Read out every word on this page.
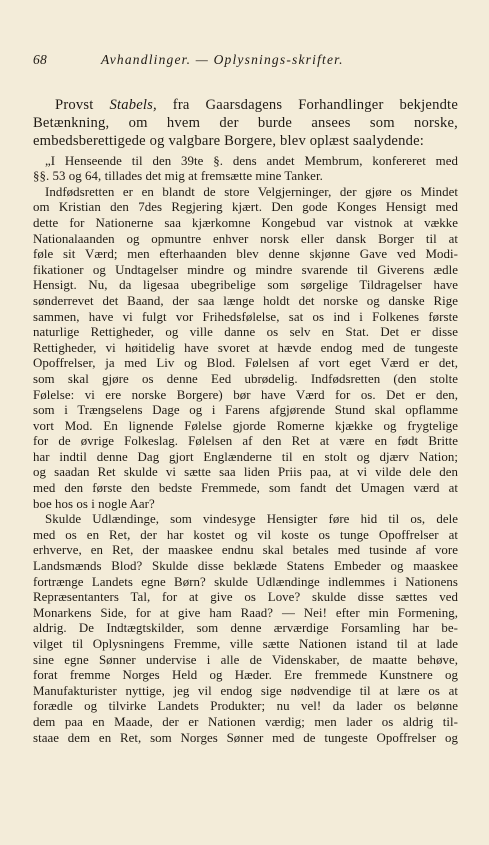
68	Avhandlinger. — Oplysnings-skrifter.

Provst Stabels, fra Gaarsdagens Forhandlinger bekjendte Betænkning, om hvem der burde ansees som norske, embedsberettigede og valgbare Borgere, blev oplæst saalydende:

„I Henseende til den 39te §. dens andet Membrum, konfereret med

§§. 53 og 64, tillades det mig at fremsætte mine Tanker.

Indfødsretten er en blandt de store Velgjerninger, der gjøre os Mindet

om Kristian den 7des Regjering kjært. Den gode Konges Hensigt med

dette for Nationerne saa kjærkomne Kongebud var vistnok at vække

Nationalaanden og opmuntre enhver norsk eller dansk Borger til at

føle sit Værd; men efterhaanden blev denne skjønne Gave ved Modi-

fikationer og Undtagelser mindre og mindre svarende til Giverens ædle

Hensigt. Nu, da ligesaa ubegribelige som sørgelige Tildragelser have

sønderrevet det Baand, der saa længe holdt det norske og danske Rige

sammen, have vi fulgt vor Frihedsfølelse, sat os ind i Folkenes første

naturlige Rettigheder, og ville danne os selv en Stat. Det er disse

Rettigheder, vi høitidelig have svoret at hævde endog med de tungeste

Opoffrelser, ja med Liv og Blod. Følelsen af vort eget Værd er det,

som skal gjøre os denne Eed ubrødelig. Indfødsretten (den stolte

Følelse: vi ere norske Borgere) bør have Værd for os. Det er den,

som i Trængselens Dage og i Farens afgjørende Stund skal opflamme

vort Mod. En lignende Følelse gjorde Romerne kjække og frygtelige

for de øvrige Folkeslag. Følelsen af den Ret at være en født Britte

har indtil denne Dag gjort Englænderne til en stolt og djærv Nation;

og saadan Ret skulde vi sætte saa liden Priis paa, at vi vilde dele den

med den første den bedste Fremmede, som fandt det Umagen værd at

boe hos os i nogle Aar?

Skulde Udlændinge, som vindesyge Hensigter føre hid til os, dele

med os en Ret, der har kostet og vil koste os tunge Opoffrelser at

erhverve, en Ret, der maaskee endnu skal betales med tusinde af vore

Landsmænds Blod? Skulde disse beklæde Statens Embeder og maaskee

fortrænge Landets egne Børn? skulde Udlændinge indlemmes i Nationens

Repræsentanters Tal, for at give os Love? skulde disse sættes ved

Monarkens Side, for at give ham Raad? — Nei! efter min Formening,

aldrig. De Indtægtskilder, som denne ærværdige Forsamling har be-

vilget til Oplysningens Fremme, ville sætte Nationen istand til at lade

sine egne Sønner undervise i alle de Videnskaber, de maatte behøve,

forat fremme Norges Held og Hæder. Ere fremmede Kunstnere og

Manufakturister nyttige, jeg vil endog sige nødvendige til at lære os at

forædle og tilvirke Landets Produkter; nu vel! da lader os belønne

dem paa en Maade, der er Nationen værdig; men lader os aldrig til-

staae dem en Ret, som Norges Sønner med de tungeste Opoffrelser og
